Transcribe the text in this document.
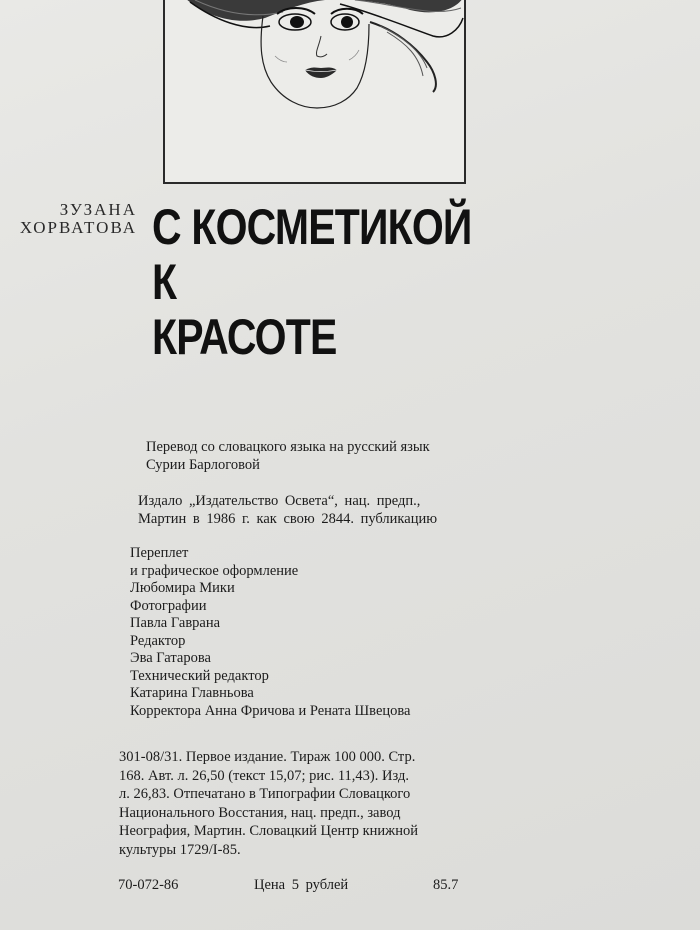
ЗУЗАНА
ХОРВАТОВА С КОСМЕТИКОЙ
К
КРАСОТЕ
Перевод со словацкого языка на русский язык
Сурии Барлоговой
Издало „Издательство Освета“, нац. предп.,
Мартин в 1986 г. как свою 2844. публикацию
Переплет
и графическое оформление
Любомира Мики
Фотографии
Павла Гаврана
Редактор
Эва Гатарова
Технический редактор
Катарина Главньова
Корректора Анна Фричова и Рената Швецова
301-08/31. Первое издание. Тираж 100 000. Стр.
168. Авт. л. 26,50 (текст 15,07; рис. 11,43). Изд.
л. 26,83. Отпечатано в Типографии Словацкого
Национального Восстания, нац. предп., завод
Неография, Мартин. Словацкий Центр книжной
культуры 1729/I-85.
70-072-86	Цена 5 рублей	85.7
